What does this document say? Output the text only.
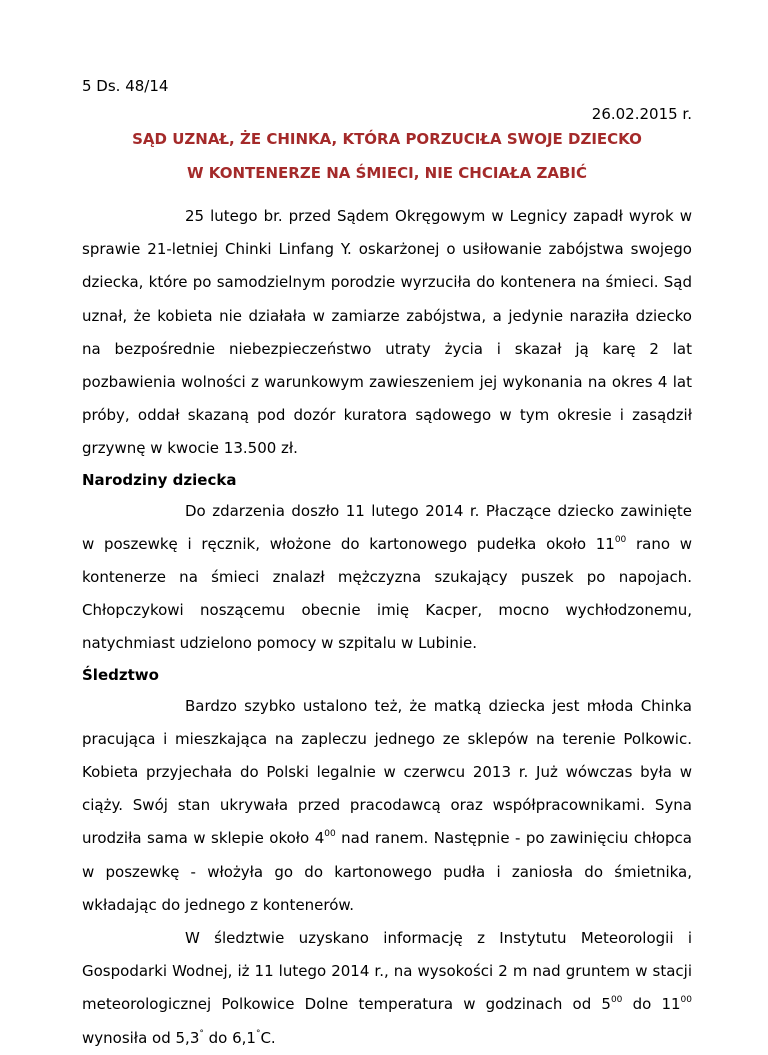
5 Ds. 48/14
26.02.2015 r.
SĄD UZNAŁ, ŻE CHINKA, KTÓRA PORZUCIŁA SWOJE DZIECKO
W KONTENERZE NA ŚMIECI, NIE CHCIAŁA ZABIĆ

25 lutego br. przed Sądem Okręgowym w Legnicy zapadł wyrok w sprawie 21-letniej Chinki Linfang Y. oskarżonej o usiłowanie zabójstwa swojego dziecka, które po samodzielnym porodzie wyrzuciła do kontenera na śmieci. Sąd uznał, że kobieta nie działała w zamiarze zabójstwa, a jedynie naraziła dziecko na bezpośrednie niebezpieczeństwo utraty życia i skazał ją karę 2 lat pozbawienia wolności z warunkowym zawieszeniem jej wykonania na okres 4 lat próby, oddał skazaną pod dozór kuratora sądowego w tym okresie i zasądził grzywnę w kwocie 13.500 zł.

Narodziny dziecka

Do zdarzenia doszło 11 lutego 2014 r. Płaczące dziecko zawinięte w poszewkę i ręcznik, włożone do kartonowego pudełka około $11^{00}$ rano w kontenerze na śmieci znalazł mężczyzna szukający puszek po napojach. Chłopczykowi noszącemu obecnie imię Kacper, mocno wychłodzonemu, natychmiast udzielono pomocy w szpitalu w Lubinie.

Śledztwo

Bardzo szybko ustalono też, że matką dziecka jest młoda Chinka pracująca i mieszkająca na zapleczu jednego ze sklepów na terenie Polkowic. Kobieta przyjechała do Polski legalnie w czerwcu 2013 r. Już wówczas była w ciąży. Swój stan ukrywała przed pracodawcą oraz współpracownikami. Syna urodziła sama w sklepie około $4^{00}$ nad ranem. Następnie - po zawinięciu chłopca w poszewkę - włożyła go do kartonowego pudła i zaniosła do śmietnika, wkładając do jednego z kontenerów.

W śledztwie uzyskano informację z Instytutu Meteorologii i Gospodarki Wodnej, iż 11 lutego 2014 r., na wysokości 2 m nad gruntem w stacji meteorologicznej Polkowice Dolne temperatura w godzinach od $5^{00}$ do $11^{00}$ wynosiła od 5,3° do 6,1°C.
